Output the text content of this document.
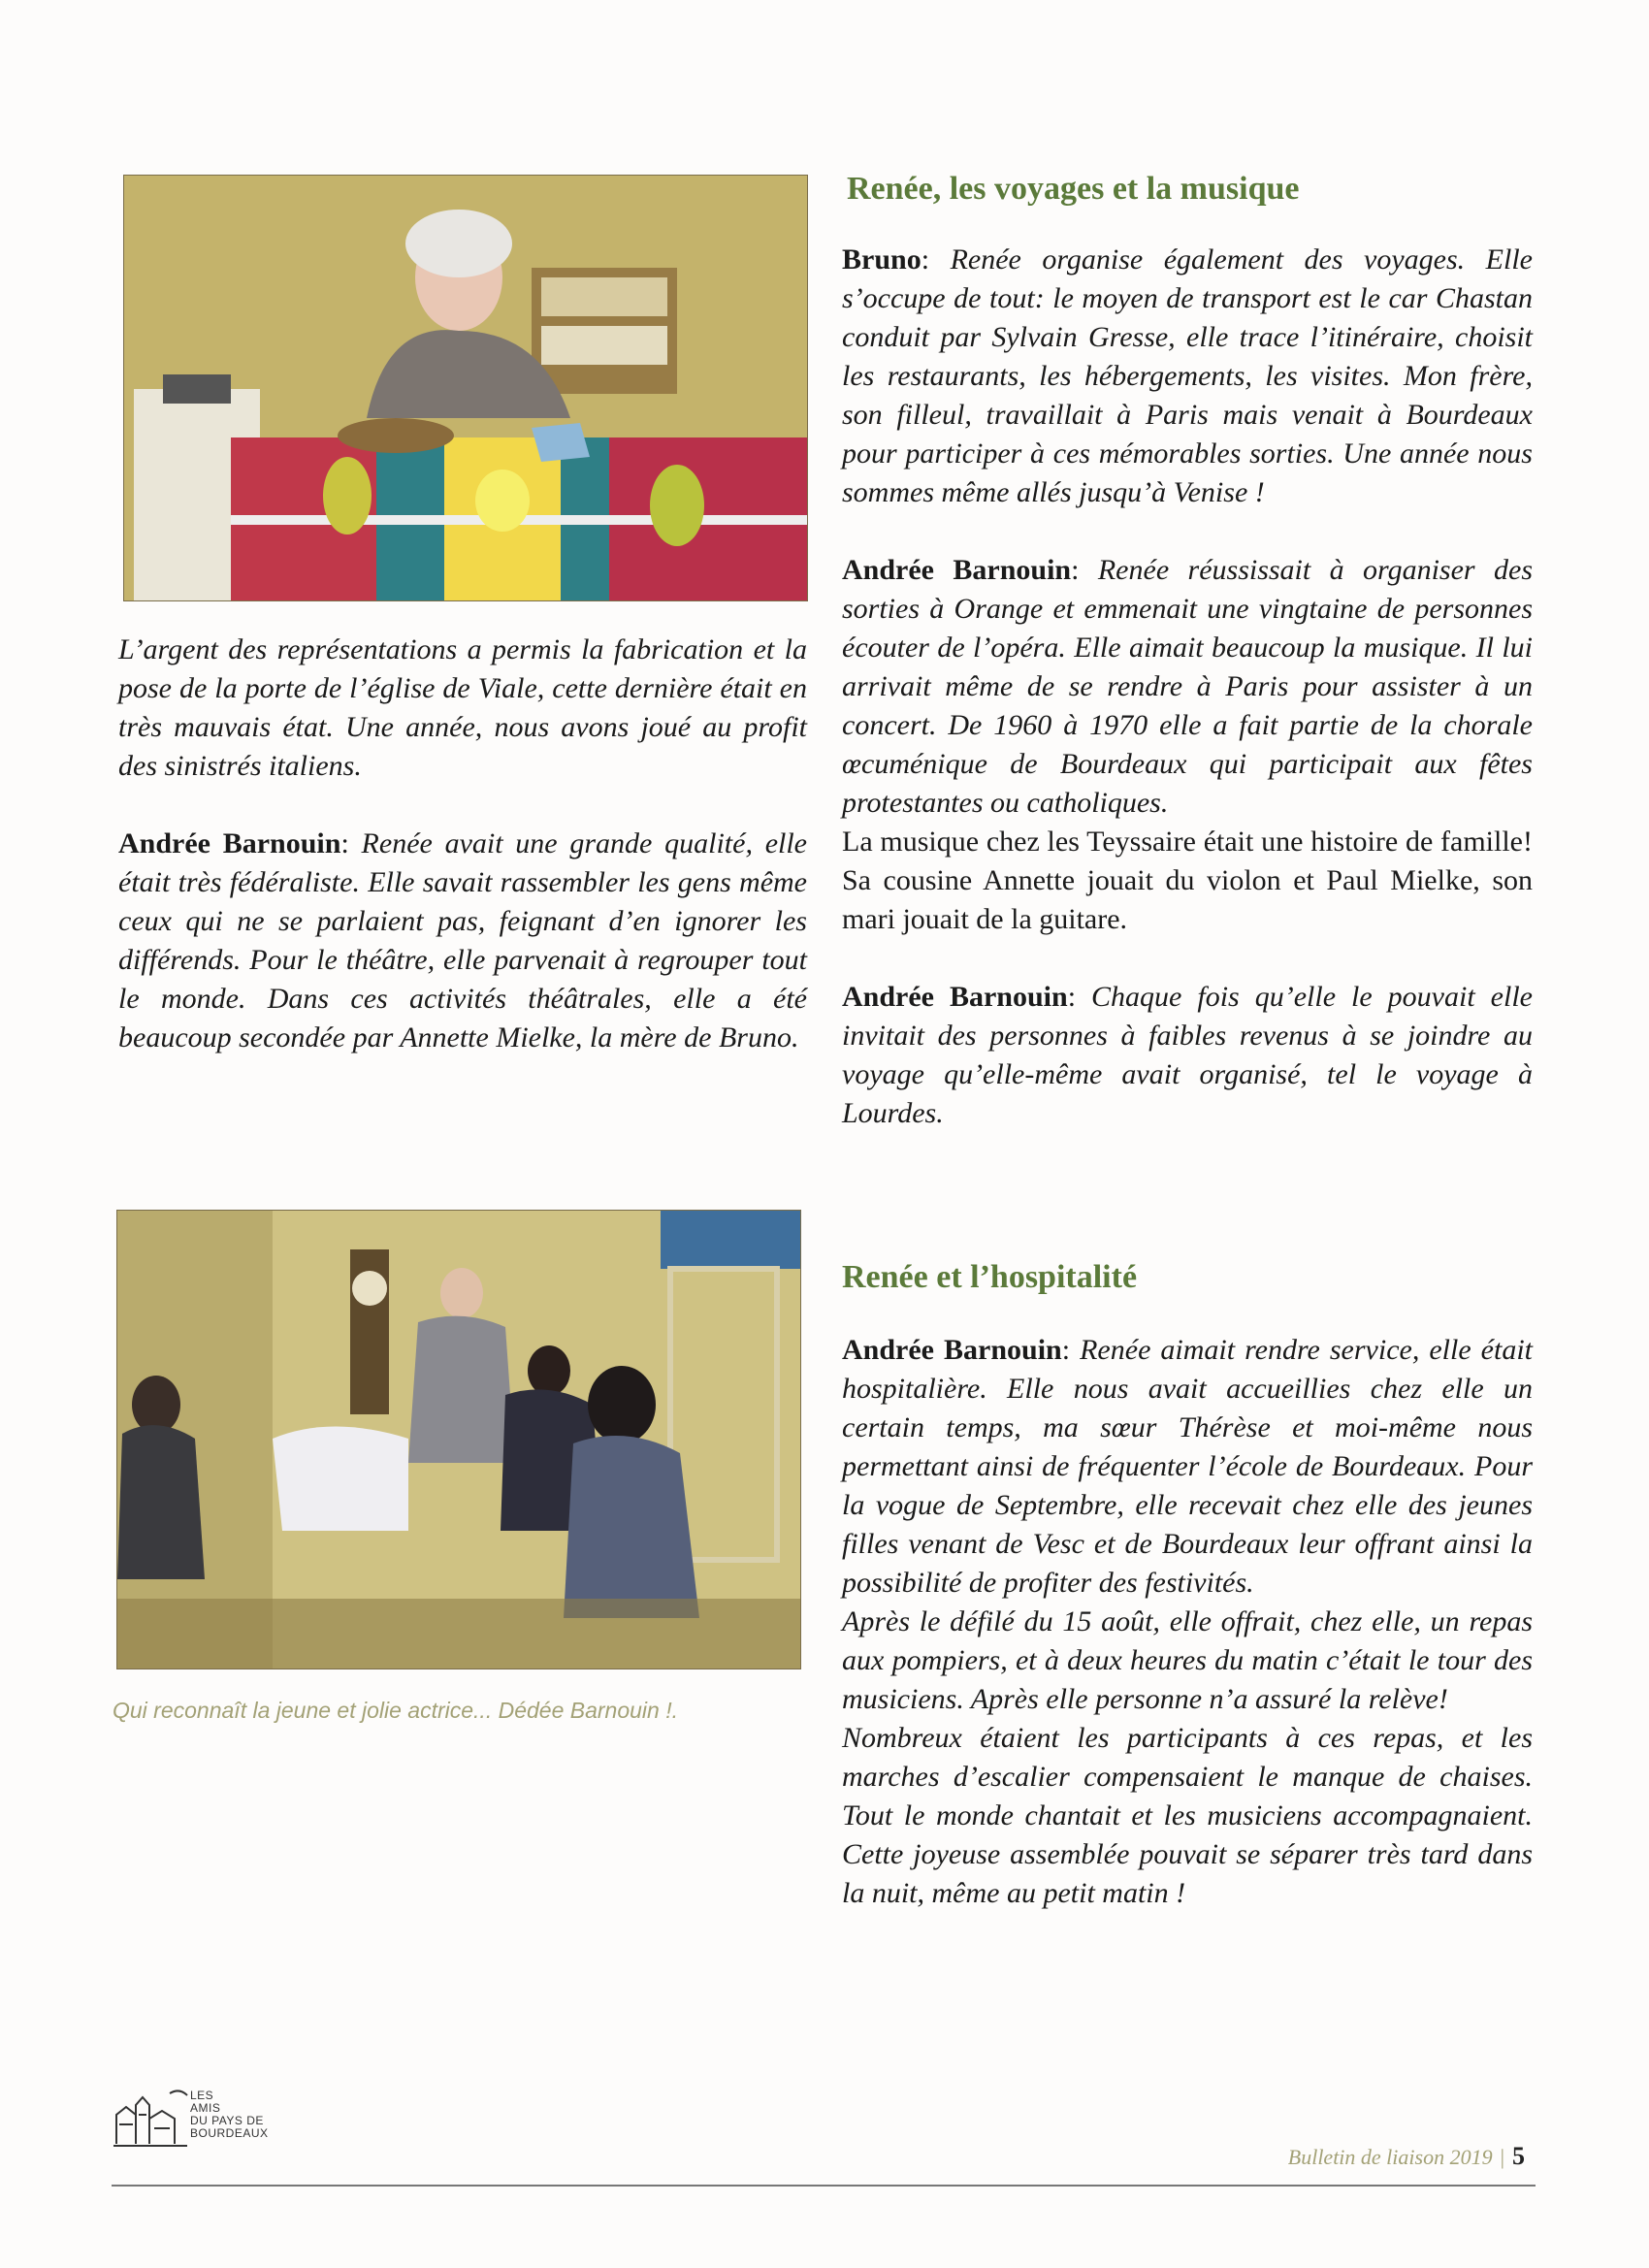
L’argent des représentations a permis la fabrication et la pose de la porte de l’église de Viale, cette dernière était en très mauvais état. Une année, nous avons joué au profit des sinistrés italiens.

Andrée Barnouin: Renée avait une grande qualité, elle était très fédéraliste. Elle savait rassembler les gens même ceux qui ne se parlaient pas, feignant d’en ignorer les différends. Pour le théâtre, elle parvenait à regrouper tout le monde. Dans ces activités théâtrales, elle a été beaucoup secondée par Annette Mielke, la mère de Bruno.

Qui reconnaît la jeune et jolie actrice... Dédée Barnouin !.
Renée, les voyages et la musique

Bruno: Renée organise également des voyages. Elle s’occupe de tout: le moyen de transport est le car Chastan conduit par Sylvain Gresse, elle trace l’itinéraire, choisit les restaurants, les hébergements, les visites. Mon frère, son filleul, travaillait à Paris mais venait à Bourdeaux pour participer à ces mémorables sorties. Une année nous sommes même allés jusqu’à Venise !

Andrée Barnouin: Renée réussissait à organiser des sorties à Orange et emmenait une vingtaine de personnes écouter de l’opéra. Elle aimait beaucoup la musique. Il lui arrivait même de se rendre à Paris pour assister à un concert. De 1960 à 1970 elle a fait partie de la chorale œcuménique de Bourdeaux qui participait aux fêtes protestantes ou catholiques.

La musique chez les Teyssaire était une histoire de famille! Sa cousine Annette jouait du violon et Paul Mielke, son mari jouait de la guitare.

Andrée Barnouin: Chaque fois qu’elle le pouvait elle invitait des personnes à faibles revenus à se joindre au voyage qu’elle-même avait organisé, tel le voyage à Lourdes.

Renée et l’hospitalité

Andrée Barnouin: Renée aimait rendre service, elle était hospitalière. Elle nous avait accueillies chez elle un certain temps, ma sœur Thérèse et moi-même nous permettant ainsi de fréquenter l’école de Bourdeaux. Pour la vogue de Septembre, elle recevait chez elle des jeunes filles venant de Vesc et de Bourdeaux leur offrant ainsi la possibilité de profiter des festivités.

Après le défilé du 15 août, elle offrait, chez elle, un repas aux pompiers, et à deux heures du matin c’était le tour des musiciens. Après elle personne n’a assuré la relève!

Nombreux étaient les participants à ces repas, et les marches d’escalier compensaient le manque de chaises. Tout le monde chantait et les musiciens accompagnaient. Cette joyeuse assemblée pouvait se séparer très tard dans la nuit, même au petit matin !

LES
AMIS
DU PAYS DE
BOURDEAUX
Bulletin de liaison 2019 | 5
